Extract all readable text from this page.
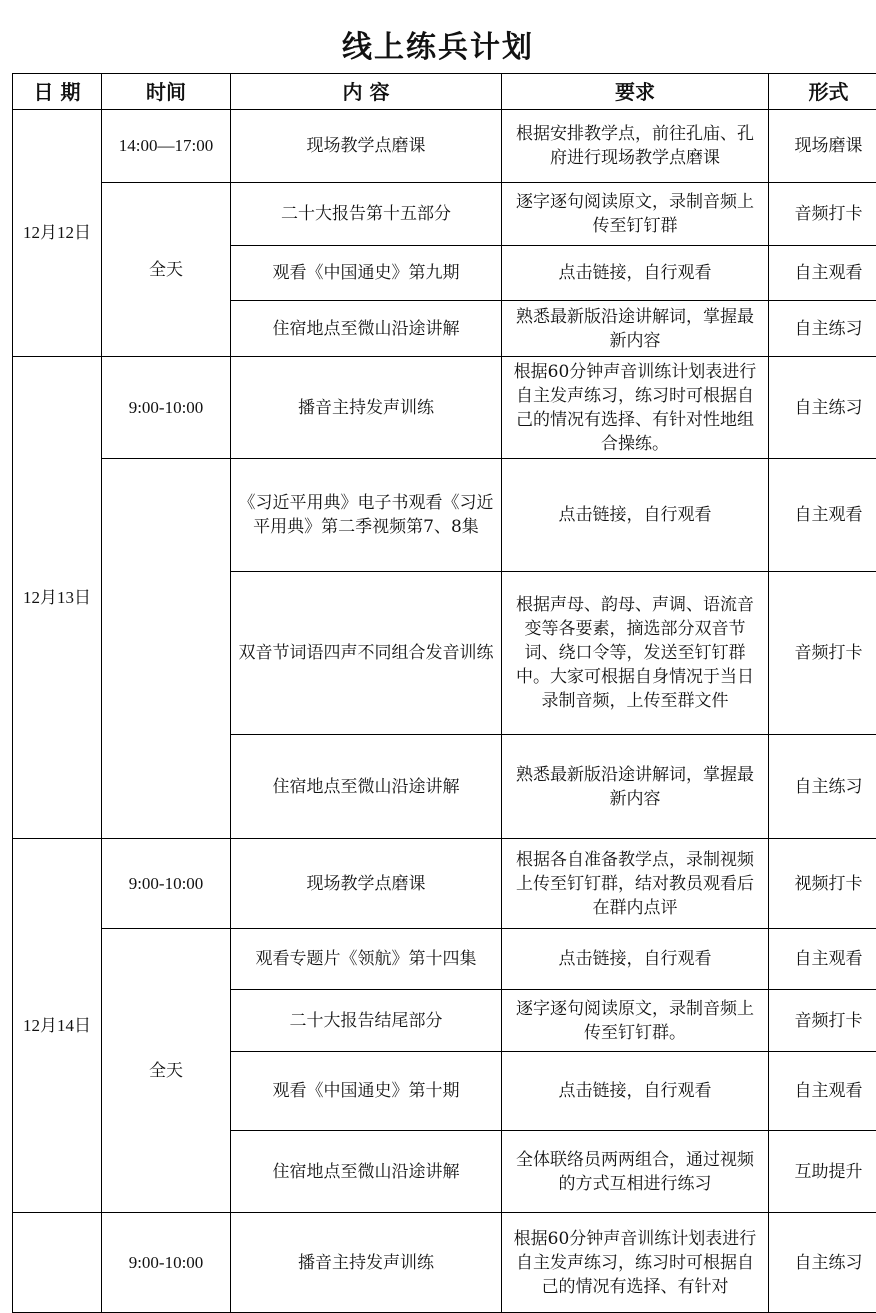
线上练兵计划
日 期	时间	内 容	要求	形式
12月12日	14:00—17:00	现场教学点磨课	根据安排教学点，前往孔庙、孔府进行现场教学点磨课	现场磨课
	全天	二十大报告第十五部分	逐字逐句阅读原文，录制音频上传至钉钉群	音频打卡
		观看《中国通史》第九期	点击链接，自行观看	自主观看
		住宿地点至微山沿途讲解	熟悉最新版沿途讲解词，掌握最新内容	自主练习
12月13日	9:00-10:00	播音主持发声训练	根据60分钟声音训练计划表进行自主发声练习，练习时可根据自己的情况有选择、有针对性地组合操练。	自主练习
		《习近平用典》电子书观看《习近平用典》第二季视频第7、8集	点击链接，自行观看	自主观看
		双音节词语四声不同组合发音训练	根据声母、韵母、声调、语流音变等各要素，摘选部分双音节词、绕口令等，发送至钉钉群中。大家可根据自身情况于当日录制音频，上传至群文件	音频打卡
		住宿地点至微山沿途讲解	熟悉最新版沿途讲解词，掌握最新内容	自主练习
12月14日	9:00-10:00	现场教学点磨课	根据各自准备教学点，录制视频上传至钉钉群，结对教员观看后在群内点评	视频打卡
	全天	观看专题片《领航》第十四集	点击链接，自行观看	自主观看
		二十大报告结尾部分	逐字逐句阅读原文，录制音频上传至钉钉群。	音频打卡
		观看《中国通史》第十期	点击链接，自行观看	自主观看
		住宿地点至微山沿途讲解	全体联络员两两组合，通过视频的方式互相进行练习	互助提升
	9:00-10:00	播音主持发声训练	根据60分钟声音训练计划表进行自主发声练习，练习时可根据自己的情况有选择、有针对	自主练习
